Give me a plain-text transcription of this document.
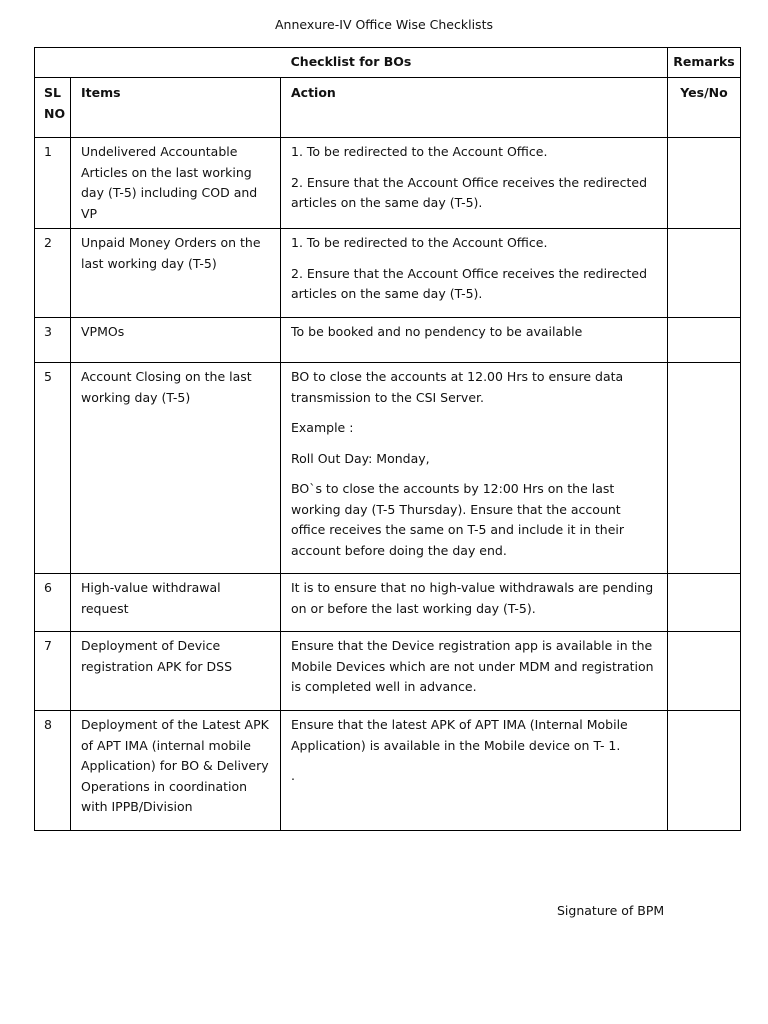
Annexure-IV Office Wise Checklists
Checklist for BOs			Remarks

SL NO	Items	Action	Yes/No
1	Undelivered Accountable Articles on the last working day (T-5) including COD and VP	1. To be redirected to the Account Office.

2. Ensure that the Account Office receives the redirected articles on the same day (T-5).	

2	Unpaid Money Orders on the last working day (T-5)	1. To be redirected to the Account Office.

2. Ensure that the Account Office receives the redirected articles on the same day (T-5).	

3	VPMOs	To be booked and no pendency to be available	

5	Account Closing on the last working day (T-5)	BO to close the accounts at 12.00 Hrs to ensure data transmission to the CSI Server.

Example :

Roll Out Day: Monday,

BO`s to close the accounts by 12:00 Hrs on the last working day (T-5 Thursday). Ensure that the account office receives the same on T-5 and include it in their account before doing the day end.	

6	High-value withdrawal request	It is to ensure that no high-value withdrawals are pending on or before the last working day (T-5).	

7	Deployment of Device registration APK for DSS	Ensure that the Device registration app is available in the Mobile Devices which are not under MDM and registration is completed well in advance.	

8	Deployment of the Latest APK of APT IMA (internal mobile Application) for BO & Delivery Operations in coordination with IPPB/Division	Ensure that the latest APK of APT IMA (Internal Mobile Application) is available in the Mobile device on T- 1.

.	

Signature of BPM
